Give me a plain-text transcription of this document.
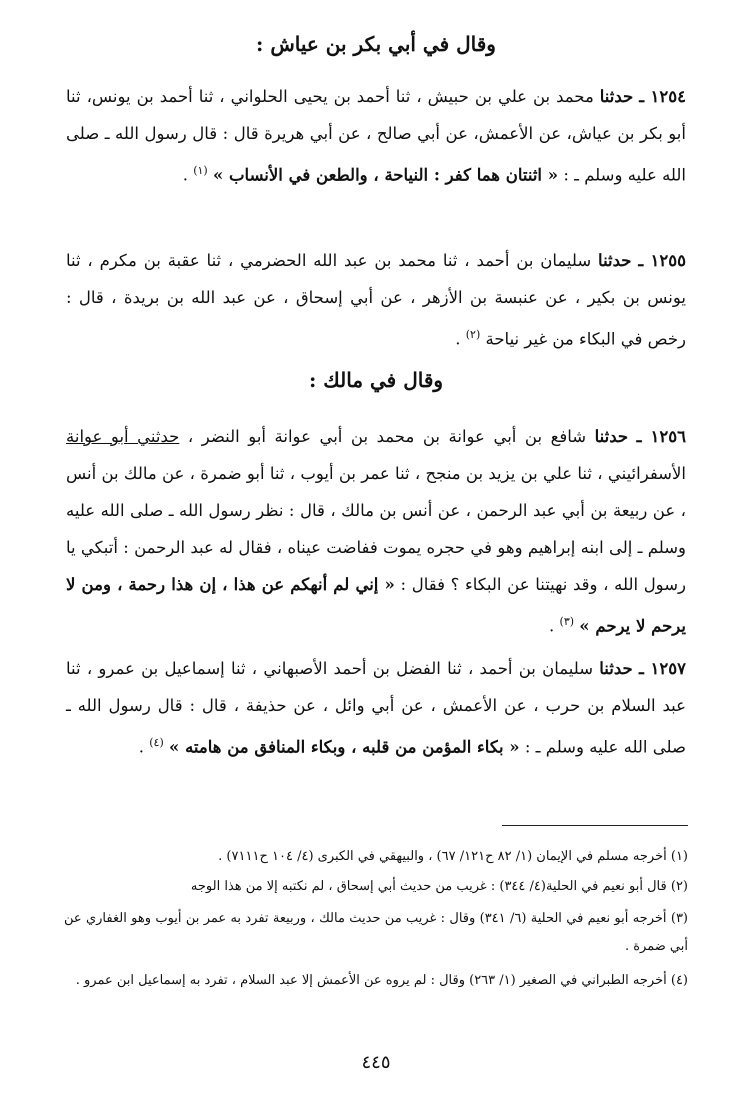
وقال في أبي بكر بن عياش :

١٢٥٤ ـ حدثنا محمد بن علي بن حبيش ، ثنا أحمد بن يحيى الحلواني ، ثنا أحمد بن يونس، ثنا أبو بكر بن عياش، عن الأعمش، عن أبي صالح ، عن أبي هريرة قال : قال رسول الله ـ صلى الله عليه وسلم ـ : « اثنتان هما كفر : النياحة ، والطعن في الأنساب » $^{(١)}$ .

١٢٥٥ ـ حدثنا سليمان بن أحمد ، ثنا محمد بن عبد الله الحضرمي ، ثنا عقبة بن مكرم ، ثنا يونس بن بكير ، عن عنبسة بن الأزهر ، عن أبي إسحاق ، عن عبد الله بن بريدة ، قال : رخص في البكاء من غير نياحة $^{(٢)}$ .

وقال في مالك :

١٢٥٦ ـ حدثنا شافع بن أبي عوانة بن محمد بن أبي عوانة أبو النضر ، حدثني أبو عوانة الأسفرائيني ، ثنا علي بن يزيد بن منجح ، ثنا عمر بن أيوب ، ثنا أبو ضمرة ، عن مالك بن أنس ، عن ربيعة بن أبي عبد الرحمن ، عن أنس بن مالك ، قال : نظر رسول الله ـ صلى الله عليه وسلم ـ إلى ابنه إبراهيم وهو في حجره يموت ففاضت عيناه ، فقال له عبد الرحمن : أتبكي يا رسول الله ، وقد نهيتنا عن البكاء ؟ فقال : « إني لم أنهكم عن هذا ، إن هذا رحمة ، ومن لا يرحم لا يرحم » $^{(٣)}$ .

١٢٥٧ ـ حدثنا سليمان بن أحمد ، ثنا الفضل بن أحمد الأصبهاني ، ثنا إسماعيل بن عمرو ، ثنا عبد السلام بن حرب ، عن الأعمش ، عن أبي وائل ، عن حذيفة ، قال : قال رسول الله ـ صلى الله عليه وسلم ـ : « بكاء المؤمن من قلبه ، وبكاء المنافق من هامته » $^{(٤)}$ .

(١) أخرجه مسلم في الإيمان (١/ ٨٢ ح١٢١/ ٦٧) ، والبيهقي في الكبرى (٤/ ١٠٤ ح٧١١١) .

(٢) قال أبو نعيم في الحلية(٤/ ٣٤٤) : غريب من حديث أبي إسحاق ، لم نكتبه إلا من هذا الوجه

(٣) أخرجه أبو نعيم في الحلية (٦/ ٣٤١) وقال : غريب من حديث مالك ، وربيعة تفرد به عمر بن أيوب وهو الغفاري عن أبي ضمرة .

(٤) أخرجه الطبراني في الصغير (١/ ٢٦٣) وقال : لم يروه عن الأعمش إلا عبد السلام ، تفرد به إسماعيل ابن عمرو .

٤٤٥
